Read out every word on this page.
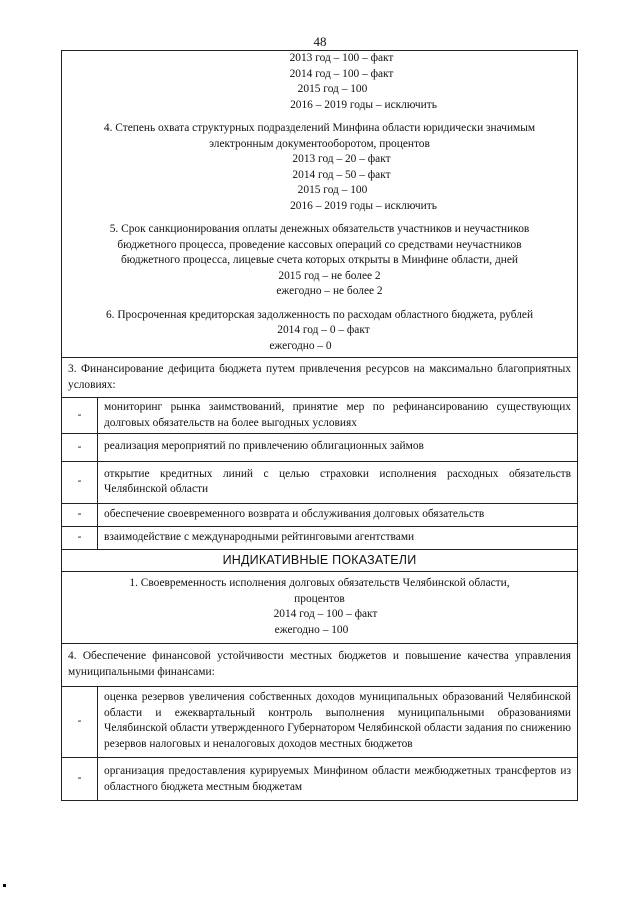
48
2013 год – 100 – факт
2014 год – 100 – факт
2015 год – 100
2016 – 2019 годы – исключить
4. Степень охвата структурных подразделений Минфина области юридически значимым
электронным документооборотом, процентов
2013 год – 20 – факт
2014 год – 50 – факт
2015 год – 100
2016 – 2019 годы – исключить
5. Срок санкционирования оплаты денежных обязательств участников и неучастников
бюджетного процесса, проведение кассовых операций со средствами неучастников
бюджетного процесса, лицевые счета которых открыты в Минфине области, дней
2015 год – не более 2
ежегодно – не более 2
6. Просроченная кредиторская задолженность по расходам областного бюджета, рублей
2014 год – 0 – факт
ежегодно – 0
3. Финансирование дефицита бюджета путем привлечения ресурсов на максимально благоприятных условиях:
-
мониторинг рынка заимствований, принятие мер по рефинансированию существующих долговых обязательств на более выгодных условиях
-	реализация мероприятий по привлечению облигационных займов
-
открытие кредитных линий с целью страховки исполнения расходных обязательств Челябинской области
-	обеспечение своевременного возврата и обслуживания долговых обязательств
-	взаимодействие с международными рейтинговыми агентствами
ИНДИКАТИВНЫЕ ПОКАЗАТЕЛИ
1. Своевременность исполнения долговых обязательств Челябинской области,
процентов
2014 год – 100 – факт
ежегодно – 100
4. Обеспечение финансовой устойчивости местных бюджетов и повышение качества управления муниципальными финансами:
-
оценка резервов увеличения собственных доходов муниципальных образований Челябинской области и ежеквартальный контроль выполнения муниципальными образованиями Челябинской области утвержденного Губернатором Челябинской области задания по снижению резервов налоговых и неналоговых доходов местных бюджетов
-
организация предоставления курируемых Минфином области межбюджетных трансфертов из областного бюджета местным бюджетам
